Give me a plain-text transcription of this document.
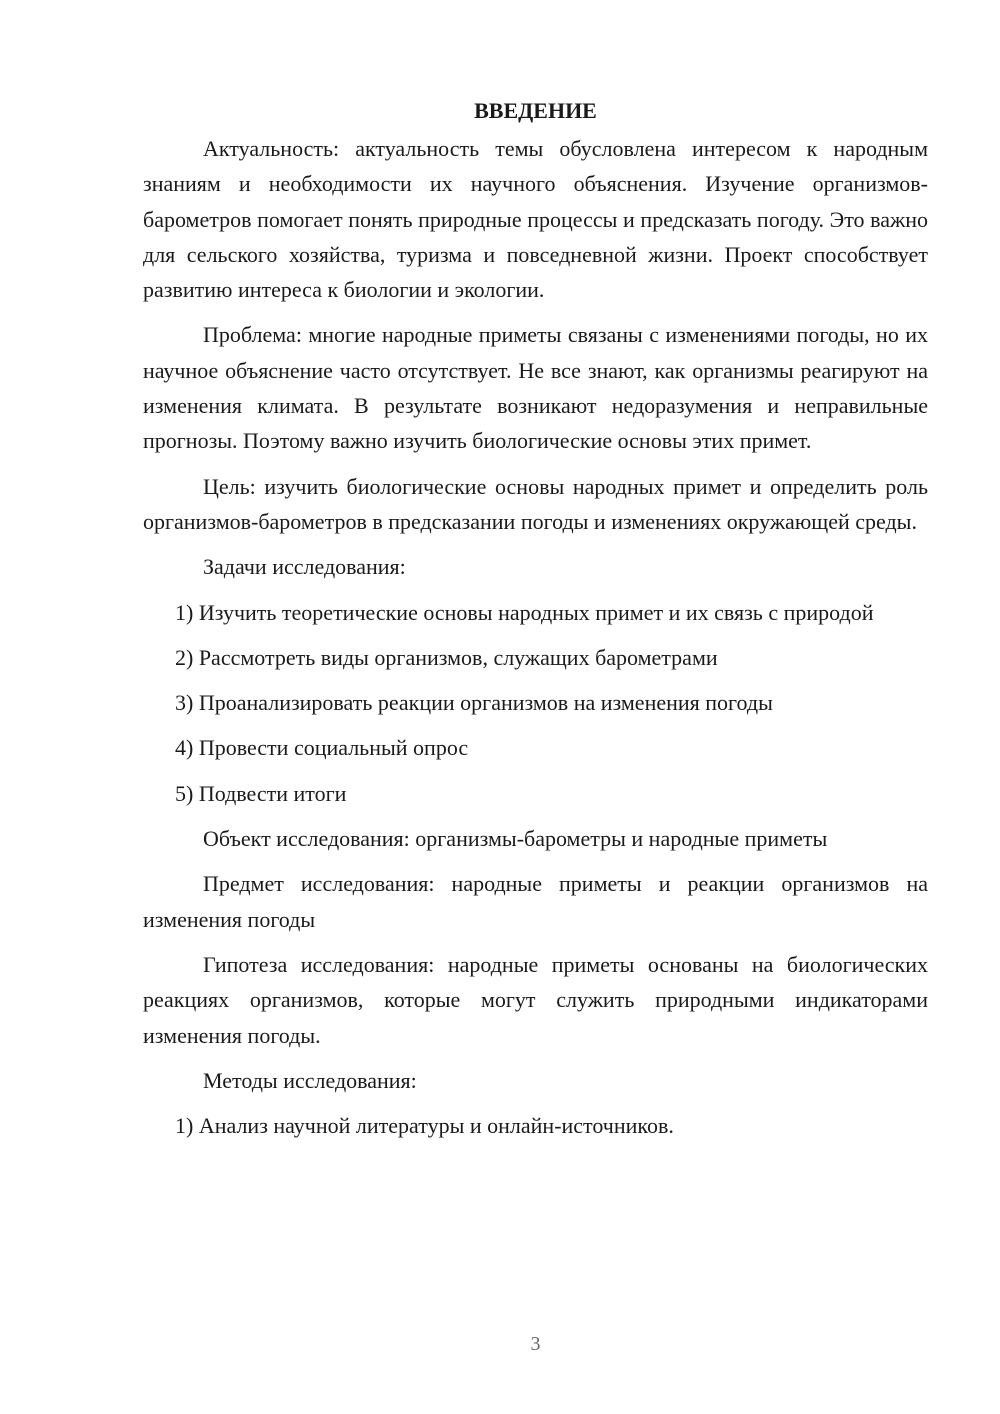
ВВЕДЕНИЕ

Актуальность: актуальность темы обусловлена интересом к народным знаниям и необходимости их научного объяснения. Изучение организмов-барометров помогает понять природные процессы и предсказать погоду. Это важно для сельского хозяйства, туризма и повседневной жизни. Проект способствует развитию интереса к биологии и экологии.

Проблема: многие народные приметы связаны с изменениями погоды, но их научное объяснение часто отсутствует. Не все знают, как организмы реагируют на изменения климата. В результате возникают недоразумения и неправильные прогнозы. Поэтому важно изучить биологические основы этих примет.

Цель: изучить биологические основы народных примет и определить роль организмов-барометров в предсказании погоды и изменениях окружающей среды.

Задачи исследования:

1) Изучить теоретические основы народных примет и их связь с природой

2) Рассмотреть виды организмов, служащих барометрами

3) Проанализировать реакции организмов на изменения погоды

4) Провести социальный опрос

5) Подвести итоги

Объект исследования: организмы-барометры и народные приметы

Предмет исследования: народные приметы и реакции организмов на изменения погоды

Гипотеза исследования: народные приметы основаны на биологических реакциях организмов, которые могут служить природными индикаторами изменения погоды.

Методы исследования:

1) Анализ научной литературы и онлайн-источников.

3
